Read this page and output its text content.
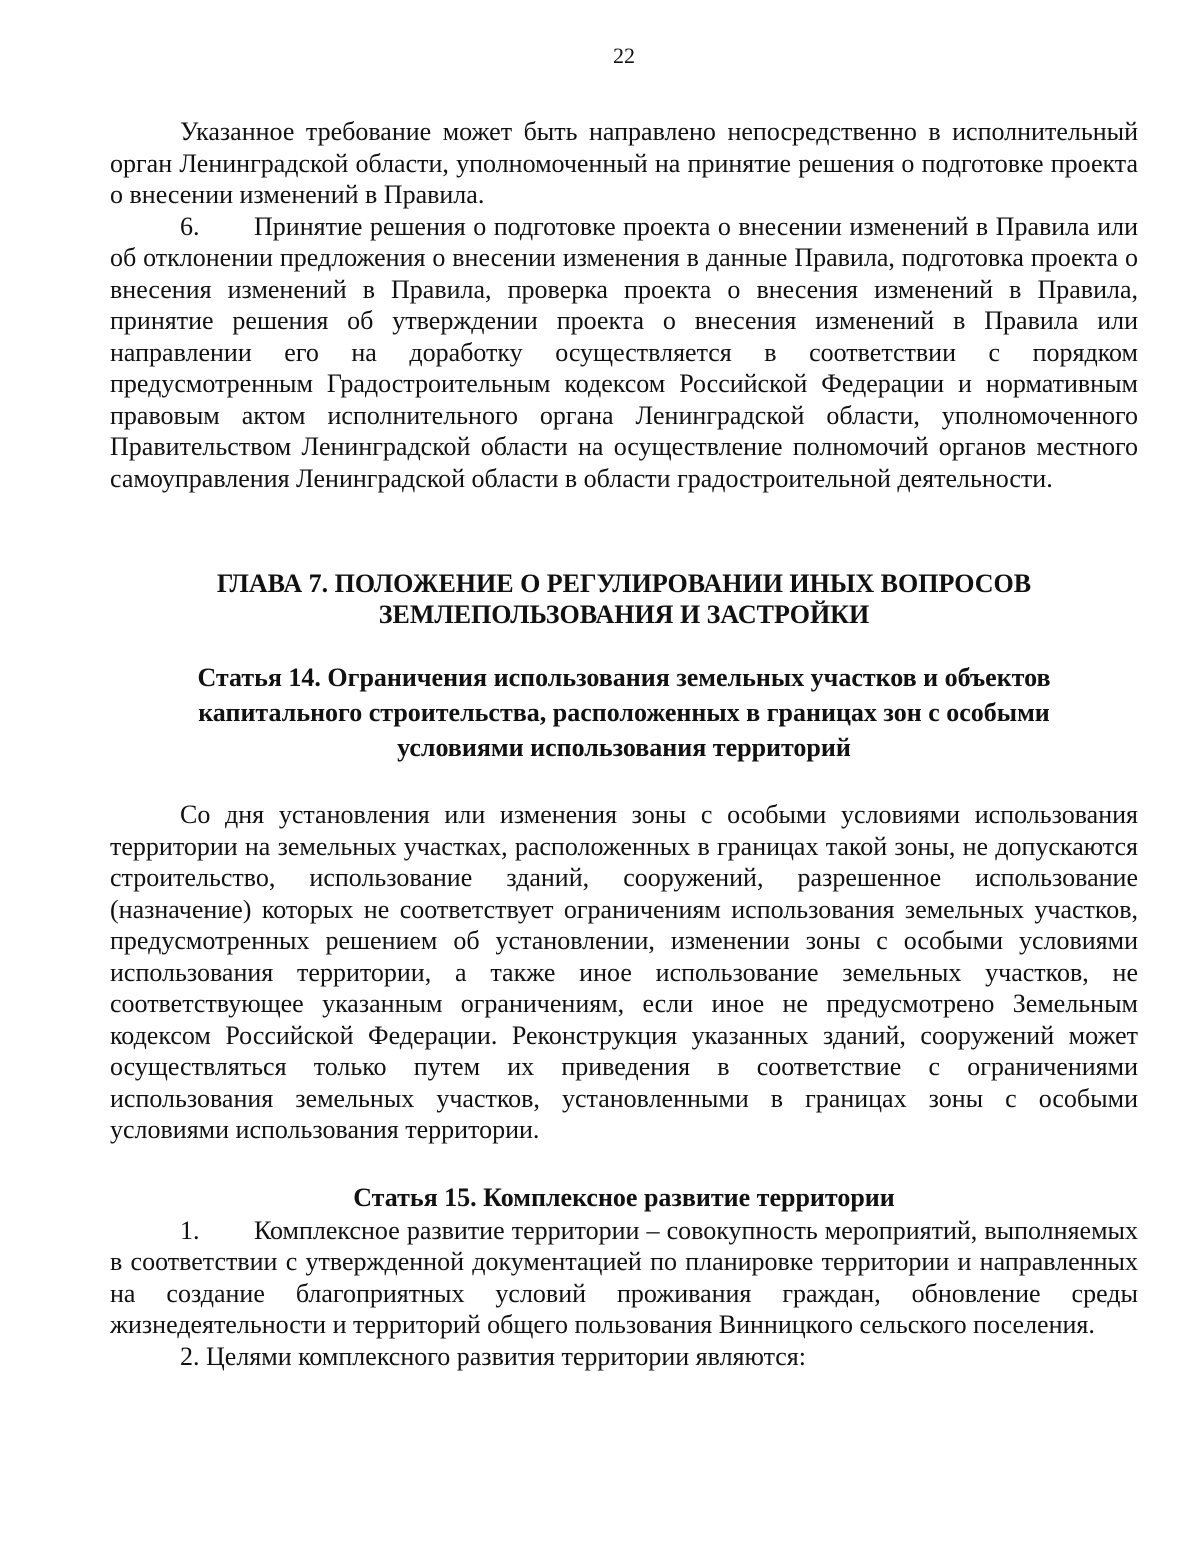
22

Указанное требование может быть направлено непосредственно в исполнительный орган Ленинградской области, уполномоченный на принятие решения о подготовке проекта о внесении изменений в Правила.

6. Принятие решения о подготовке проекта о внесении изменений в Правила или об отклонении предложения о внесении изменения в данные Правила, подготовка проекта о внесения изменений в Правила, проверка проекта о внесения изменений в Правила, принятие решения об утверждении проекта о внесения изменений в Правила или направлении его на доработку осуществляется в соответствии с порядком предусмотренным Градостроительным кодексом Российской Федерации и нормативным правовым актом исполнительного органа Ленинградской области, уполномоченного Правительством Ленинградской области на осуществление полномочий органов местного самоуправления Ленинградской области в области градостроительной деятельности.

ГЛАВА 7. ПОЛОЖЕНИЕ О РЕГУЛИРОВАНИИ ИНЫХ ВОПРОСОВ
ЗЕМЛЕПОЛЬЗОВАНИЯ И ЗАСТРОЙКИ
Статья 14. Ограничения использования земельных участков и объектов
капитального строительства, расположенных в границах зон с особыми
условиями использования территорий

Со дня установления или изменения зоны с особыми условиями использования территории на земельных участках, расположенных в границах такой зоны, не допускаются строительство, использование зданий, сооружений, разрешенное использование (назначение) которых не соответствует ограничениям использования земельных участков, предусмотренных решением об установлении, изменении зоны с особыми условиями использования территории, а также иное использование земельных участков, не соответствующее указанным ограничениям, если иное не предусмотрено Земельным кодексом Российской Федерации. Реконструкция указанных зданий, сооружений может осуществляться только путем их приведения в соответствие с ограничениями использования земельных участков, установленными в границах зоны с особыми условиями использования территории.

Статья 15. Комплексное развитие территории

1. Комплексное развитие территории – совокупность мероприятий, выполняемых в соответствии с утвержденной документацией по планировке территории и направленных на создание благоприятных условий проживания граждан, обновление среды жизнедеятельности и территорий общего пользования Винницкого сельского поселения.

2. Целями комплексного развития территории являются:
